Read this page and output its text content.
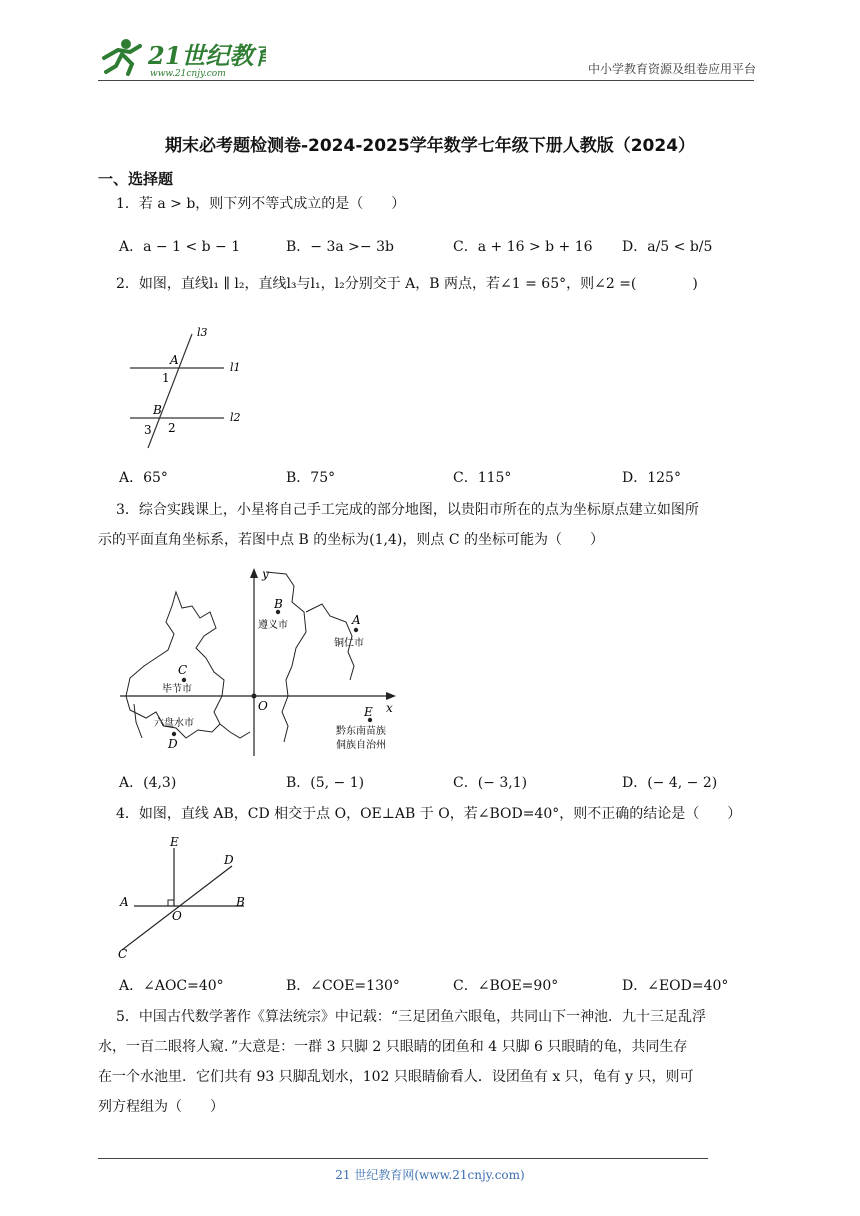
21世纪教育
www.21cnjy.com	中小学教育资源及组卷应用平台
期末必考题检测卷-2024-2025学年数学七年级下册人教版（2024）
一、选择题
1．若 a > b，则下列不等式成立的是（　　）
A．a − 1 < b − 1	B．− 3a >− 3b	C．a + 16 > b + 16 D．a/5 < b/5
2．如图，直线l₁ ∥ l₂，直线l₃与l₁，l₂分别交于 A，B 两点，若∠1 = 65°，则∠2 =(　　　　)
l3
A
l1
1
B
l2
3 2
A．65°	B．75°	C．115°	D．125°
3．综合实践课上，小星将自己手工完成的部分地图，以贵阳市所在的点为坐标原点建立如图所
示的平面直角坐标系，若图中点 B 的坐标为(1,4)，则点 C 的坐标可能为（　　）
y
x
O
B
遵义市	A
铜仁市
C
毕节市
D
六盘水市
E
黔东南苗族
侗族自治州
A．(4,3)	B．(5, − 1)	C．(− 3,1)	D．(− 4, − 2)
4．如图，直线 AB，CD 相交于点 O，OE⊥AB 于 O，若∠BOD=40°，则不正确的结论是（　　）
E
D
A	B
O
C
A．∠AOC=40°	B．∠COE=130°	C．∠BOE=90°	D．∠EOD=40°
5．中国古代数学著作《算法统宗》中记载：“三足团鱼六眼龟，共同山下一神池．九十三足乱浮
水，一百二眼将人窥．”大意是：一群 3 只脚 2 只眼睛的团鱼和 4 只脚 6 只眼睛的龟，共同生存
在一个水池里．它们共有 93 只脚乱划水，102 只眼睛偷看人．设团鱼有 x 只，龟有 y 只，则可
列方程组为（　　）
21 世纪教育网(www.21cnjy.com)
